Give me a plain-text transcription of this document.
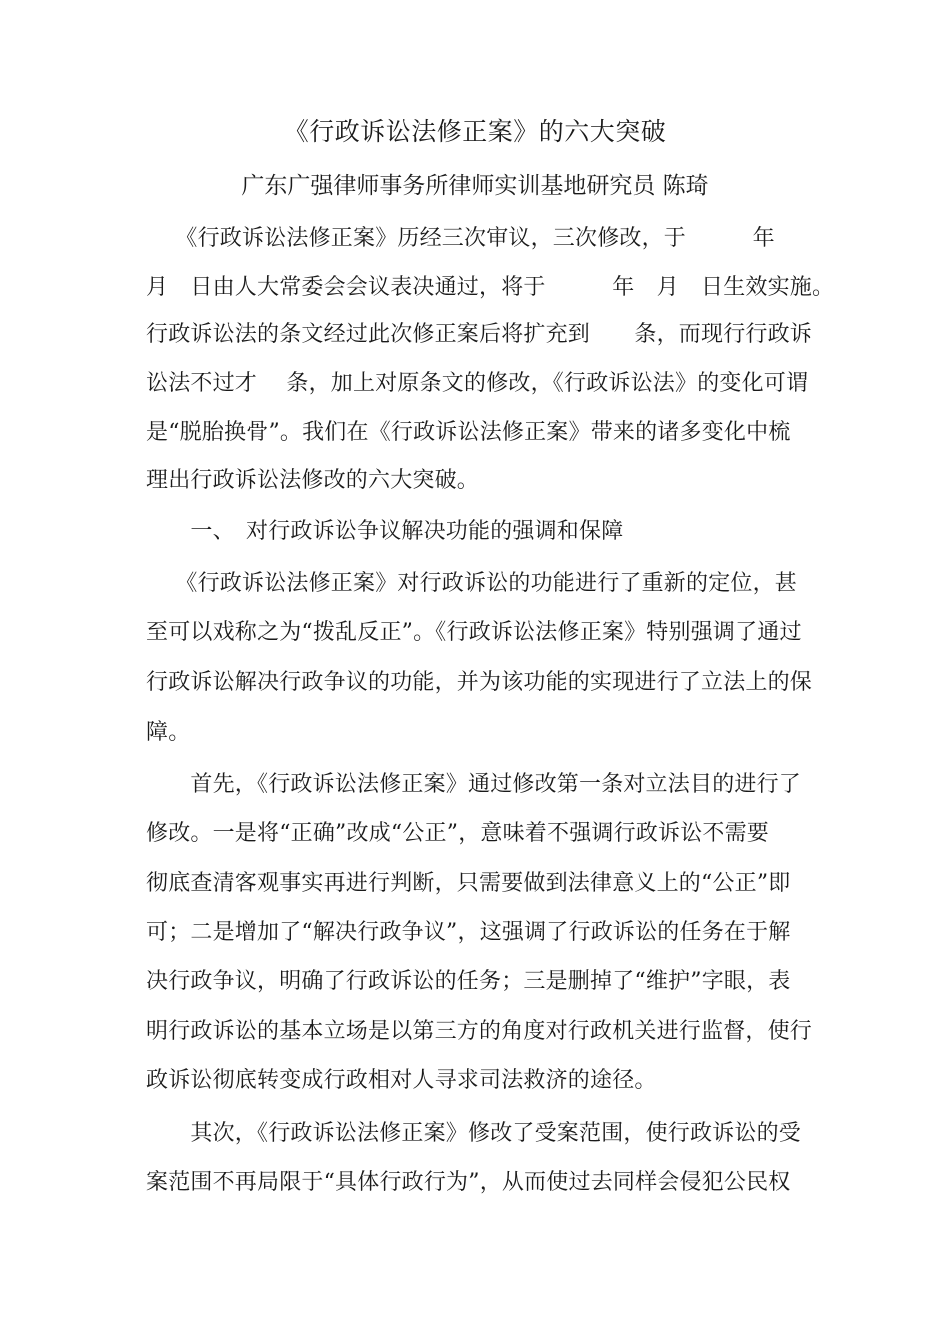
《行政诉讼法修正案》的六大突破
广东广强律师事务所律师实训基地研究员 陈琦
　 《行政诉讼法修正案》历经三次审议，三次修改，于　　　年
月　日由人大常委会会议表决通过，将于　　　年　月　日生效实施。
行政诉讼法的条文经过此次修正案后将扩充到　　条，而现行行政诉
讼法不过才　 条，加上对原条文的修改，《行政诉讼法》的变化可谓
是“脱胎换骨”。我们在《行政诉讼法修正案》带来的诸多变化中梳
理出行政诉讼法修改的六大突破。
　　一、　对行政诉讼争议解决功能的强调和保障
　 《行政诉讼法修正案》对行政诉讼的功能进行了重新的定位，甚
至可以戏称之为“拨乱反正”。《行政诉讼法修正案》特别强调了通过
行政诉讼解决行政争议的功能，并为该功能的实现进行了立法上的保
障。
　　首先，《行政诉讼法修正案》通过修改第一条对立法目的进行了
修改。一是将“正确”改成“公正”，意味着不强调行政诉讼不需要
彻底查清客观事实再进行判断，只需要做到法律意义上的“公正”即
可；二是增加了“解决行政争议”，这强调了行政诉讼的任务在于解
决行政争议，明确了行政诉讼的任务；三是删掉了“维护”字眼，表
明行政诉讼的基本立场是以第三方的角度对行政机关进行监督，使行
政诉讼彻底转变成行政相对人寻求司法救济的途径。
　　其次，《行政诉讼法修正案》修改了受案范围，使行政诉讼的受
案范围不再局限于“具体行政行为”，从而使过去同样会侵犯公民权
